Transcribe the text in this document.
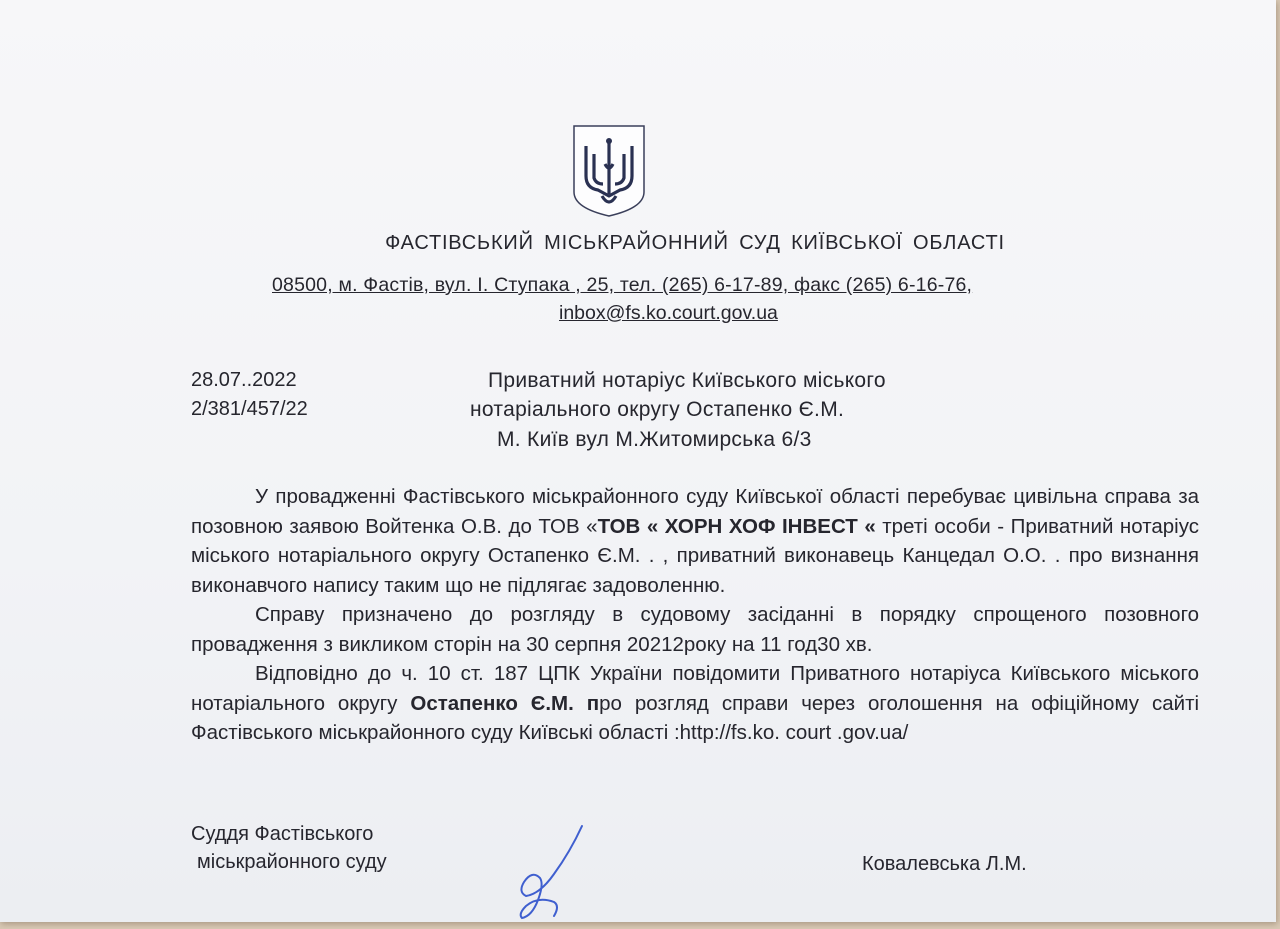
ФАСТІВСЬКИЙ МІСЬКРАЙОННИЙ СУД КИЇВСЬКОЇ ОБЛАСТІ
08500, м. Фастів, вул. І. Ступака , 25, тел. (265) 6-17-89, факс (265) 6-16-76,
inbox@fs.ko.court.gov.ua
28.07..2022
2/381/457/22
Приватний нотаріус Київського міського
нотаріального округу Остапенко Є.М.
М. Київ вул М.Житомирська 6/3

У провадженні Фастівського міськрайонного суду Київської області перебуває цивільна справа за позовною заявою Войтенка О.В. до ТОВ «ТОВ « ХОРН ХОФ ІНВЕСТ « треті особи - Приватний нотаріус міського нотаріального округу Остапенко Є.М. . , приватний виконавець Канцедал О.О. . про визнання виконавчого напису таким що не підлягає задоволенню.

Справу призначено до розгляду в судовому засіданні в порядку спрощеного позовного провадження з викликом сторін на 30 серпня 20212року на 11 год30 хв.

Відповідно до ч. 10 ст. 187 ЦПК України повідомити Приватного нотаріуса Київського міського нотаріального округу Остапенко Є.М. про розгляд справи через оголошення на офіційному сайті Фастівського міськрайонного суду Київські області :http://fs.ko. court .gov.ua/

Суддя Фастівського
міськрайонного суду	Ковалевська Л.М.
